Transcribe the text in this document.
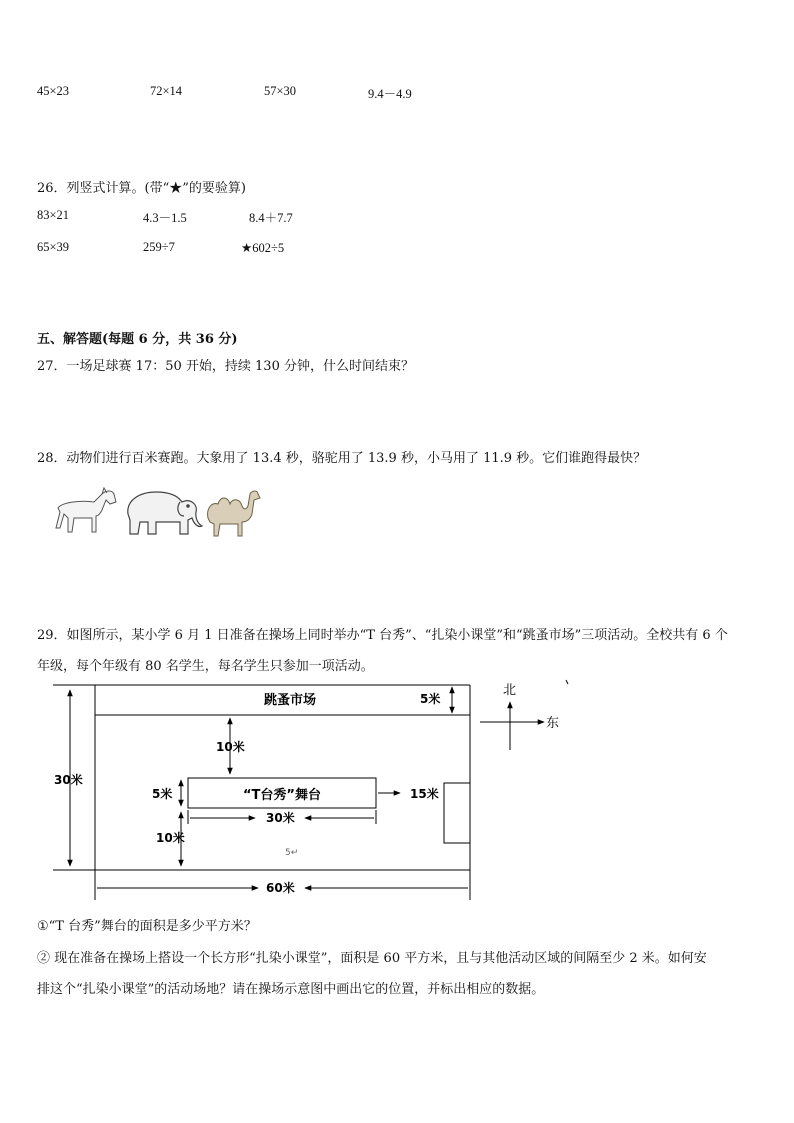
45×23	72×14	57×30	9.4－4.9
26．列竖式计算。(带“★”的要验算)
83×21	4.3－1.5	8.4＋7.7
65×39	259÷7	★602÷5
五、解答题(每题 6 分，共 36 分)
27．一场足球赛 17：50 开始，持续 130 分钟，什么时间结束？
28．动物们进行百米赛跑。大象用了 13.4 秒，骆驼用了 13.9 秒，小马用了 11.9 秒。它们谁跑得最快？
29．如图所示，某小学 6 月 1 日准备在操场上同时举办“T 台秀”、“扎染小课堂”和“跳蚤市场”三项活动。全校共有 6 个
年级，每个年级有 80 名学生，每名学生只参加一项活动。
跳蚤市场	5米
10米
30米
“T台秀”舞台
5米	15米
30米
10米
60米
5↵
北
东
①“T 台秀”舞台的面积是多少平方米？
② 现在准备在操场上搭设一个长方形“扎染小课堂”，面积是 60 平方米，且与其他活动区域的间隔至少 2 米。如何安
排这个“扎染小课堂”的活动场地？请在操场示意图中画出它的位置，并标出相应的数据。
